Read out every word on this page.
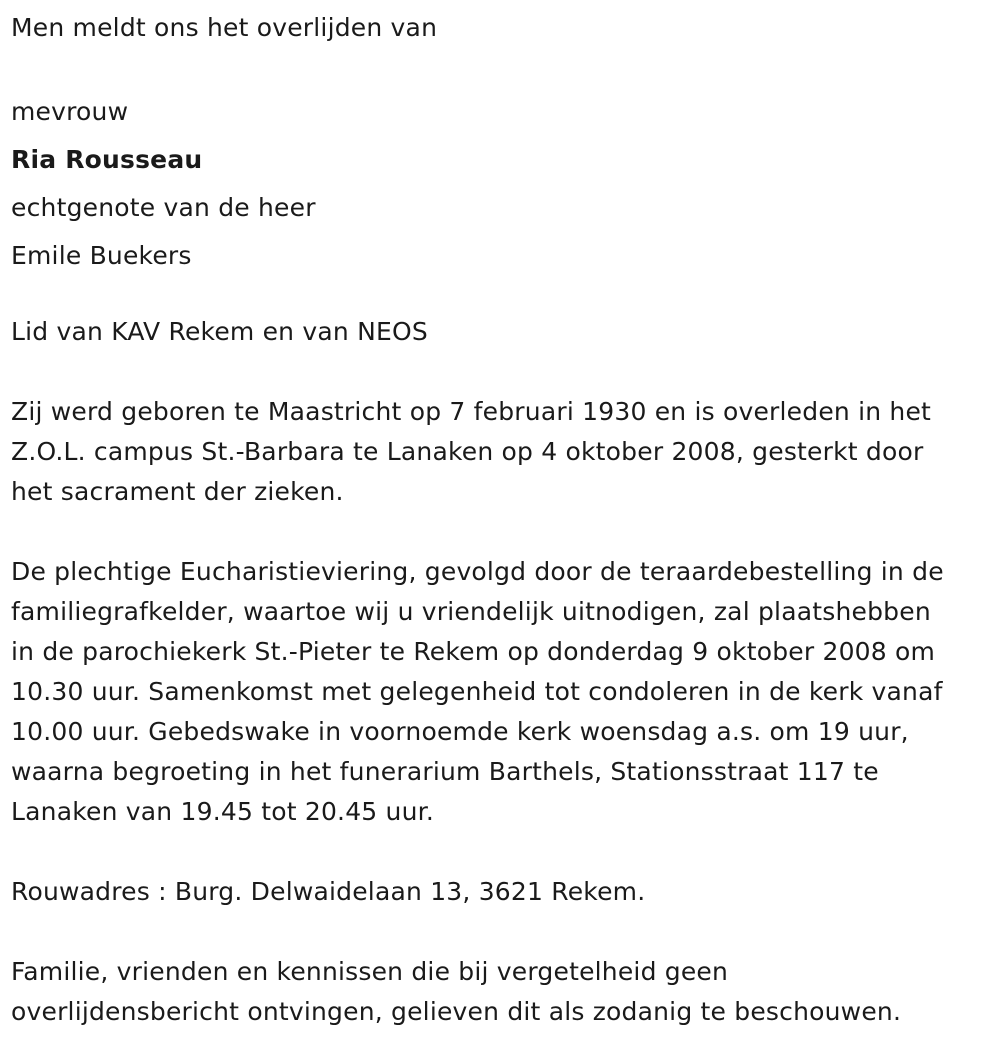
Men meldt ons het overlijden van
mevrouw
Ria Rousseau
echtgenote van de heer
Emile Buekers
Lid van KAV Rekem en van NEOS
Zij werd geboren te Maastricht op 7 februari 1930 en is overleden in het
Z.O.L. campus St.-Barbara te Lanaken op 4 oktober 2008, gesterkt door
het sacrament der zieken.
De plechtige Eucharistieviering, gevolgd door de teraardebestelling in de
familiegrafkelder, waartoe wij u vriendelijk uitnodigen, zal plaatshebben
in de parochiekerk St.-Pieter te Rekem op donderdag 9 oktober 2008 om
10.30 uur. Samenkomst met gelegenheid tot condoleren in de kerk vanaf
10.00 uur. Gebedswake in voornoemde kerk woensdag a.s. om 19 uur,
waarna begroeting in het funerarium Barthels, Stationsstraat 117 te
Lanaken van 19.45 tot 20.45 uur.
Rouwadres : Burg. Delwaidelaan 13, 3621 Rekem.
Familie, vrienden en kennissen die bij vergetelheid geen
overlijdensbericht ontvingen, gelieven dit als zodanig te beschouwen.
